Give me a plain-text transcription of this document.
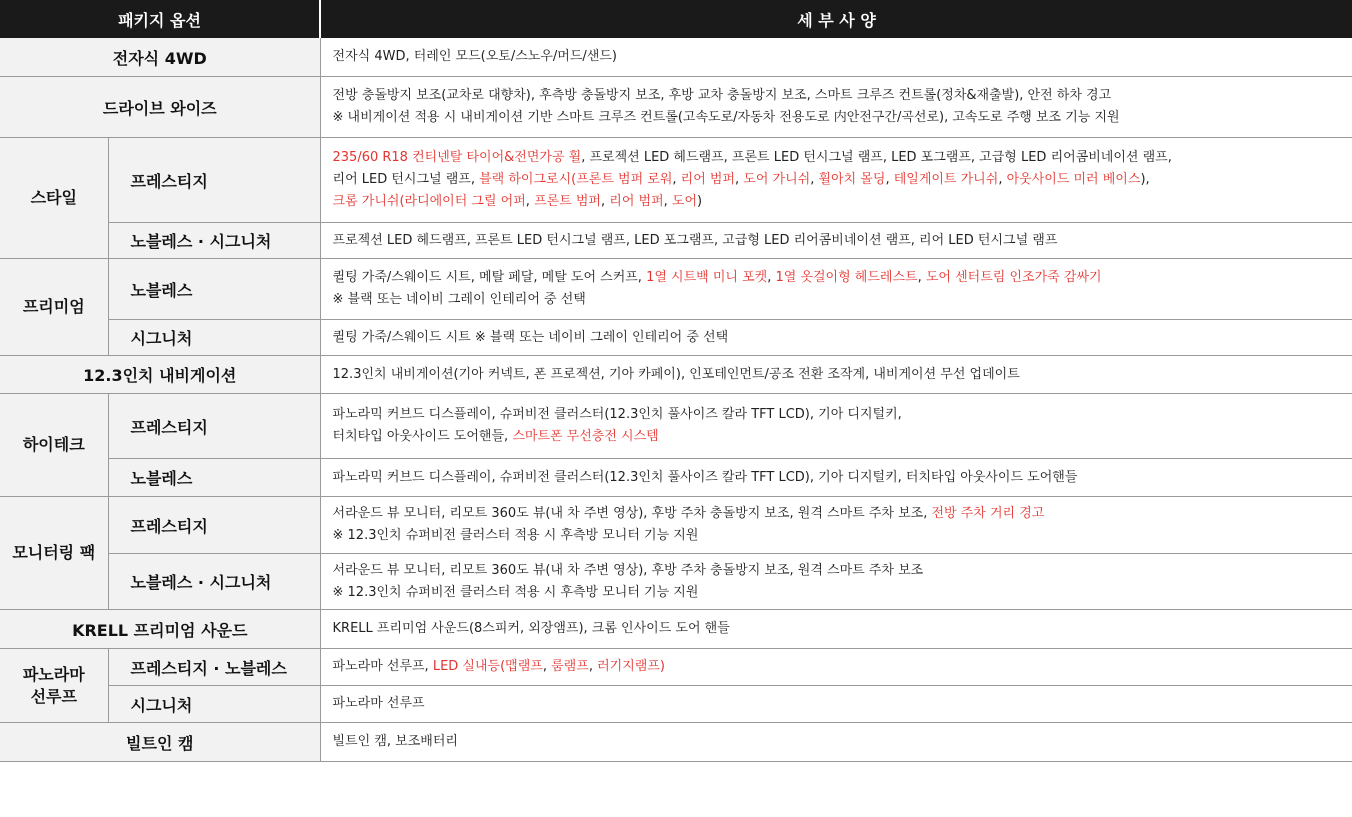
패키지 옵션		세 부 사 양
전자식 4WD		전자식 4WD, 터레인 모드(오토/스노우/머드/샌드)
드라이브 와이즈		전방 충돌방지 보조(교차로 대향차), 후측방 충돌방지 보조, 후방 교차 충돌방지 보조, 스마트 크루즈 컨트롤(정차&재출발), 안전 하차 경고
※ 내비게이션 적용 시 내비게이션 기반 스마트 크루즈 컨트롤(고속도로/자동차 전용도로 内안전구간/곡선로), 고속도로 주행 보조 기능 지원

스타일	프레스티지	235/60 R18 컨티넨탈 타이어&전면가공 휠, 프로젝션 LED 헤드램프, 프론트 LED 턴시그널 램프, LED 포그램프, 고급형 LED 리어콤비네이션 램프,
리어 LED 턴시그널 램프, 블랙 하이그로시(프론트 범퍼 로워, 리어 범퍼, 도어 가니쉬, 휠아치 몰딩, 테일게이트 가니쉬, 아웃사이드 미러 베이스),
크롬 가니쉬(라디에이터 그릴 어퍼, 프론트 범퍼, 리어 범퍼, 도어)

	노블레스 · 시그니처	프로젝션 LED 헤드램프, 프론트 LED 턴시그널 램프, LED 포그램프, 고급형 LED 리어콤비네이션 램프, 리어 LED 턴시그널 램프
프리미엄	노블레스	퀼팅 가죽/스웨이드 시트, 메탈 페달, 메탈 도어 스커프, 1열 시트백 미니 포켓, 1열 옷걸이형 헤드레스트, 도어 센터트림 인조가죽 감싸기
※ 블랙 또는 네이비 그레이 인테리어 중 선택

	시그니처	퀼팅 가죽/스웨이드 시트 ※ 블랙 또는 네이비 그레이 인테리어 중 선택
12.3인치 내비게이션		12.3인치 내비게이션(기아 커넥트, 폰 프로젝션, 기아 카페이), 인포테인먼트/공조 전환 조작계, 내비게이션 무선 업데이트
하이테크	프레스티지	파노라믹 커브드 디스플레이, 슈퍼비전 클러스터(12.3인치 풀사이즈 칼라 TFT LCD), 기아 디지털키,
터치타입 아웃사이드 도어핸들, 스마트폰 무선충전 시스템

	노블레스	파노라믹 커브드 디스플레이, 슈퍼비전 클러스터(12.3인치 풀사이즈 칼라 TFT LCD), 기아 디지털키, 터치타입 아웃사이드 도어핸들
모니터링 팩	프레스티지	서라운드 뷰 모니터, 리모트 360도 뷰(내 차 주변 영상), 후방 주차 충돌방지 보조, 원격 스마트 주차 보조, 전방 주차 거리 경고
※ 12.3인치 슈퍼비전 클러스터 적용 시 후측방 모니터 기능 지원

	노블레스 · 시그니처	서라운드 뷰 모니터, 리모트 360도 뷰(내 차 주변 영상), 후방 주차 충돌방지 보조, 원격 스마트 주차 보조
※ 12.3인치 슈퍼비전 클러스터 적용 시 후측방 모니터 기능 지원

KRELL 프리미엄 사운드		KRELL 프리미엄 사운드(8스피커, 외장앰프), 크롬 인사이드 도어 핸들

파노라마
선루프	프레스티지 · 노블레스	파노라마 선루프, LED 실내등(맵램프, 룸램프, 러기지램프)
	시그니처	파노라마 선루프
빌트인 캠		빌트인 캠, 보조배터리
